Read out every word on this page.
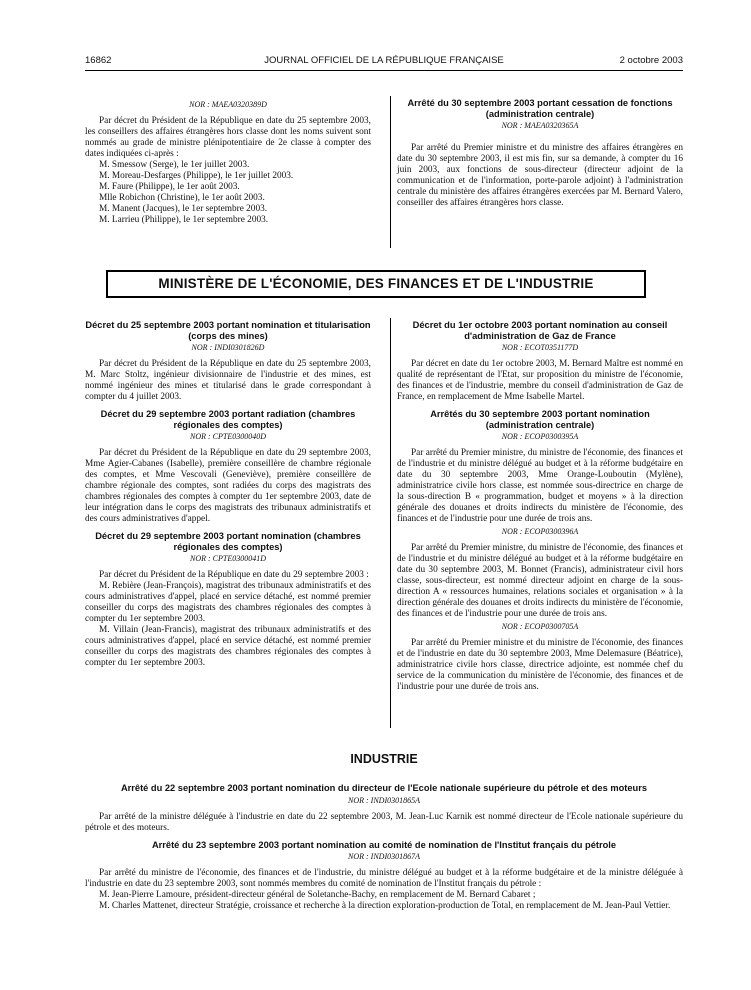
16862	JOURNAL OFFICIEL DE LA RÉPUBLIQUE FRANÇAISE	2 octobre 2003
NOR : MAEA0320389D

Par décret du Président de la République en date du 25 septembre 2003, les conseillers des affaires étrangères hors classe dont les noms suivent sont nommés au grade de ministre plénipotentiaire de 2e classe à compter des dates indiquées ci-après :

M. Smessow (Serge), le 1er juillet 2003.

M. Moreau-Desfarges (Philippe), le 1er juillet 2003.

M. Faure (Philippe), le 1er août 2003.

Mlle Robichon (Christine), le 1er août 2003.

M. Manent (Jacques), le 1er septembre 2003.

M. Larrieu (Philippe), le 1er septembre 2003.

Arrêté du 30 septembre 2003 portant cessation de fonctions (administration centrale)
NOR : MAEA0320365A

Par arrêté du Premier ministre et du ministre des affaires étrangères en date du 30 septembre 2003, il est mis fin, sur sa demande, à compter du 16 juin 2003, aux fonctions de sous-directeur (directeur adjoint de la communication et de l'information, porte-parole adjoint) à l'administration centrale du ministère des affaires étrangères exercées par M. Bernard Valero, conseiller des affaires étrangères hors classe.

MINISTÈRE DE L'ÉCONOMIE, DES FINANCES ET DE L'INDUSTRIE
Décret du 25 septembre 2003 portant nomination et titularisation (corps des mines)
NOR : INDI0301826D

Par décret du Président de la République en date du 25 septembre 2003, M. Marc Stoltz, ingénieur divisionnaire de l'industrie et des mines, est nommé ingénieur des mines et titularisé dans le grade correspondant à compter du 4 juillet 2003.

Décret du 29 septembre 2003 portant radiation (chambres régionales des comptes)
NOR : CPTE0300040D

Par décret du Président de la République en date du 29 septembre 2003, Mme Agier-Cabanes (Isabelle), première conseillère de chambre régionale des comptes, et Mme Vescovali (Geneviève), première conseillère de chambre régionale des comptes, sont radiées du corps des magistrats des chambres régionales des comptes à compter du 1er septembre 2003, date de leur intégration dans le corps des magistrats des tribunaux administratifs et des cours administratives d'appel.

Décret du 29 septembre 2003 portant nomination (chambres régionales des comptes)
NOR : CPTE0300041D

Par décret du Président de la République en date du 29 septembre 2003 :

M. Rebière (Jean-François), magistrat des tribunaux administratifs et des cours administratives d'appel, placé en service détaché, est nommé premier conseiller du corps des magistrats des chambres régionales des comptes à compter du 1er septembre 2003.

M. Villain (Jean-Francis), magistrat des tribunaux administratifs et des cours administratives d'appel, placé en service détaché, est nommé premier conseiller du corps des magistrats des chambres régionales des comptes à compter du 1er septembre 2003.

Décret du 1er octobre 2003 portant nomination au conseil d'administration de Gaz de France
NOR : ECOT0351177D

Par décret en date du 1er octobre 2003, M. Bernard Maître est nommé en qualité de représentant de l'Etat, sur proposition du ministre de l'économie, des finances et de l'industrie, membre du conseil d'administration de Gaz de France, en remplacement de Mme Isabelle Martel.

Arrêtés du 30 septembre 2003 portant nomination (administration centrale)
NOR : ECOP0300395A

Par arrêté du Premier ministre, du ministre de l'économie, des finances et de l'industrie et du ministre délégué au budget et à la réforme budgétaire en date du 30 septembre 2003, Mme Orange-Louboutin (Mylène), administratrice civile hors classe, est nommée sous-directrice en charge de la sous-direction B « programmation, budget et moyens » à la direction générale des douanes et droits indirects du ministère de l'économie, des finances et de l'industrie pour une durée de trois ans.

NOR : ECOP0300396A

Par arrêté du Premier ministre, du ministre de l'économie, des finances et de l'industrie et du ministre délégué au budget et à la réforme budgétaire en date du 30 septembre 2003, M. Bonnet (Francis), administrateur civil hors classe, sous-directeur, est nommé directeur adjoint en charge de la sous-direction A « ressources humaines, relations sociales et organisation » à la direction générale des douanes et droits indirects du ministère de l'économie, des finances et de l'industrie pour une durée de trois ans.

NOR : ECOP0300705A

Par arrêté du Premier ministre et du ministre de l'économie, des finances et de l'industrie en date du 30 septembre 2003, Mme Delemasure (Béatrice), administratrice civile hors classe, directrice adjointe, est nommée chef du service de la communication du ministère de l'économie, des finances et de l'industrie pour une durée de trois ans.

INDUSTRIE
Arrêté du 22 septembre 2003 portant nomination du directeur de l'Ecole nationale supérieure du pétrole et des moteurs
NOR : INDI0301865A

Par arrêté de la ministre déléguée à l'industrie en date du 22 septembre 2003, M. Jean-Luc Karnik est nommé directeur de l'Ecole nationale supérieure du pétrole et des moteurs.

Arrêté du 23 septembre 2003 portant nomination au comité de nomination de l'Institut français du pétrole
NOR : INDI0301867A

Par arrêté du ministre de l'économie, des finances et de l'industrie, du ministre délégué au budget et à la réforme budgétaire et de la ministre déléguée à l'industrie en date du 23 septembre 2003, sont nommés membres du comité de nomination de l'Institut français du pétrole :

M. Jean-Pierre Lamoure, président-directeur général de Soletanche-Bachy, en remplacement de M. Bernard Cabaret ;

M. Charles Mattenet, directeur Stratégie, croissance et recherche à la direction exploration-production de Total, en remplacement de M. Jean-Paul Vettier.
